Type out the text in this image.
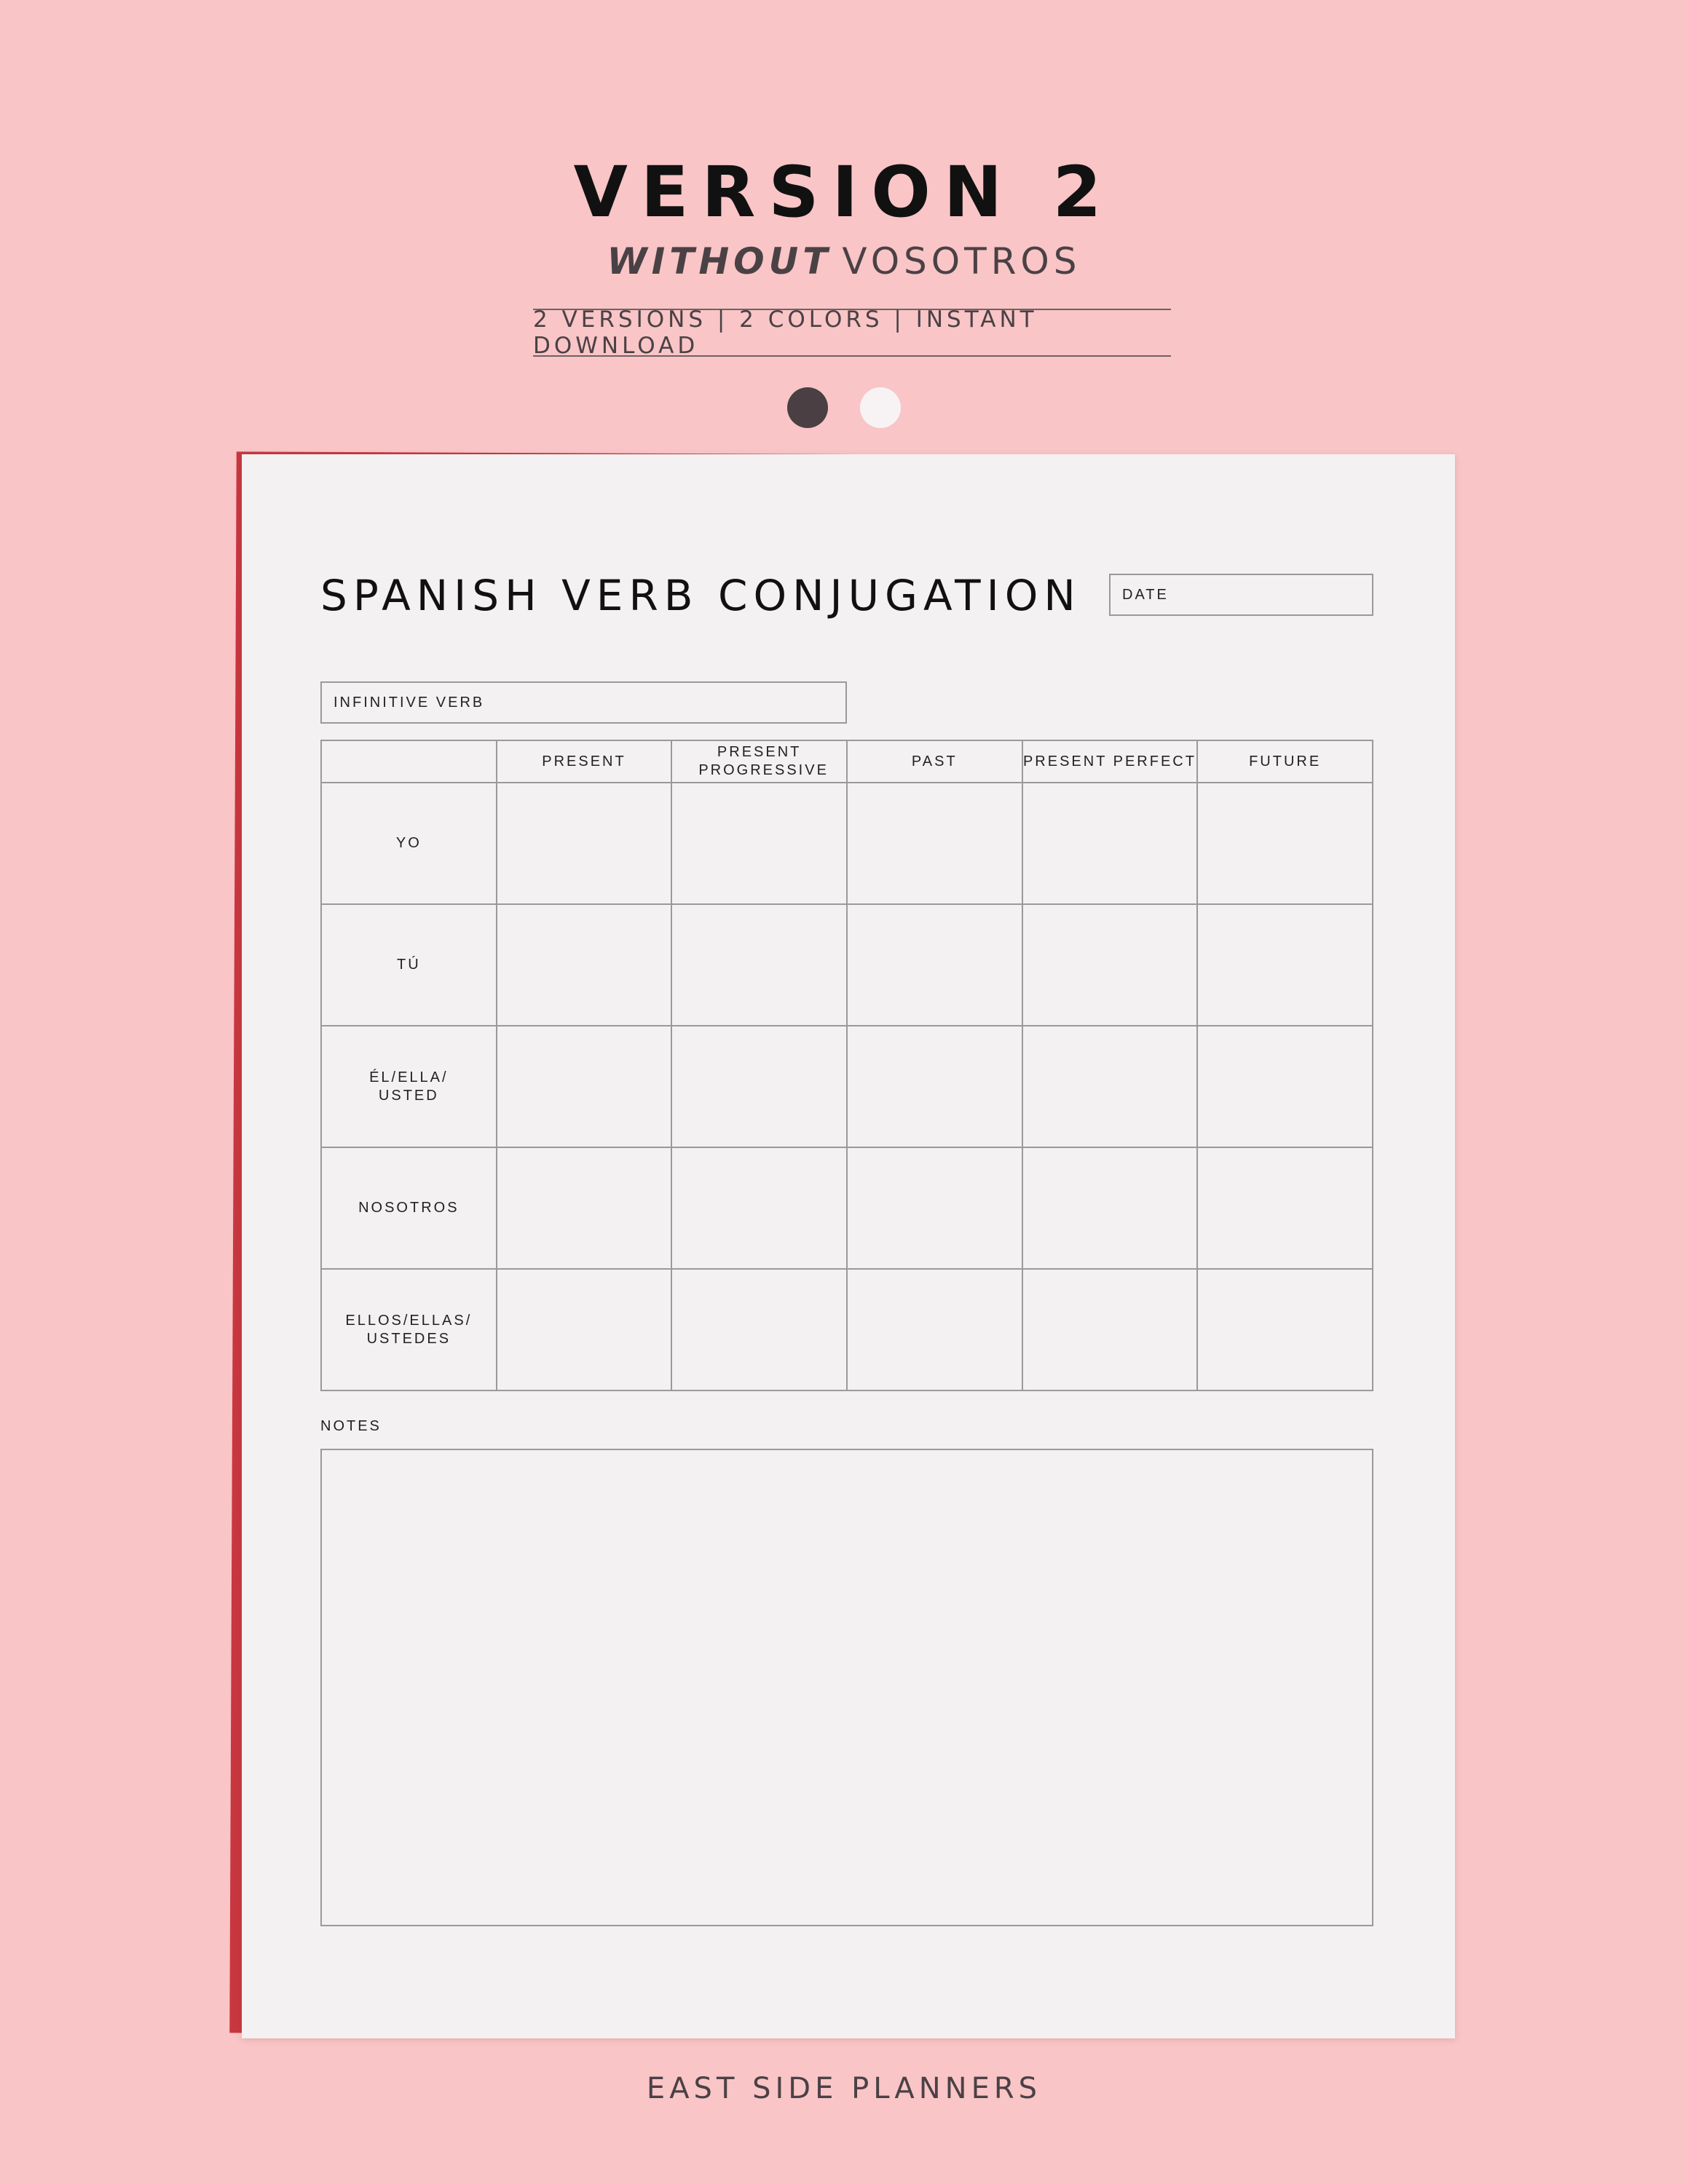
VERSION 2
WITHOUT VOSOTROS
2 VERSIONS | 2 COLORS | INSTANT DOWNLOAD
SPANISH VERB CONJUGATION	DATE
INFINITIVE VERB
	PRESENT	PRESENT PROGRESSIVE	PAST	PRESENT PERFECT	FUTURE
YO					
TÚ					
ÉL/ELLA/ USTED					
NOSOTROS					
ELLOS/ELLAS/ USTEDES					
NOTES
EAST SIDE PLANNERS
